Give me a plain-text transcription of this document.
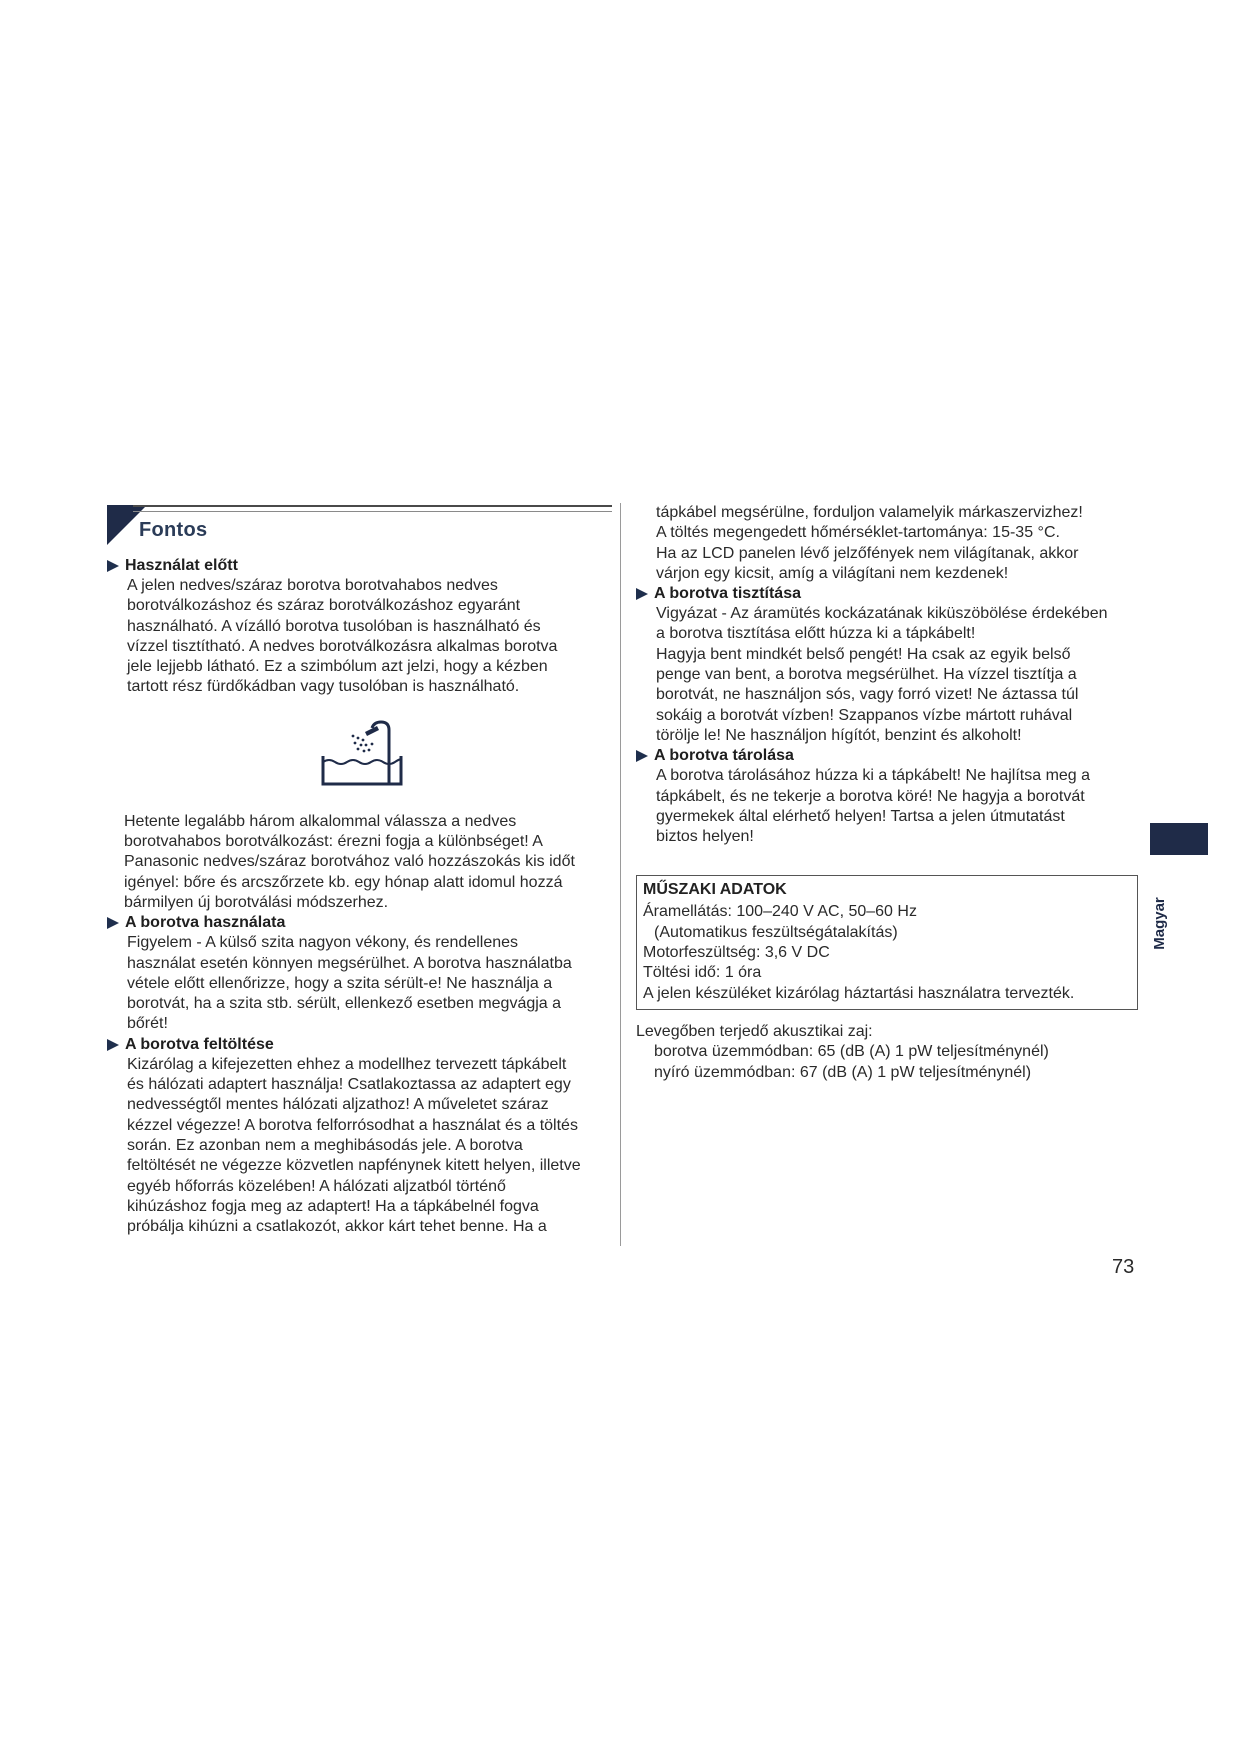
Fontos
Használat előtt

A jelen nedves/száraz borotva borotvahabos nedves

borotválkozáshoz és száraz borotválkozáshoz egyaránt

használható. A vízálló borotva tusolóban is használható és

vízzel tisztítható. A nedves borotválkozásra alkalmas borotva

jele lejjebb látható. Ez a szimbólum azt jelzi, hogy a kézben

tartott rész fürdőkádban vagy tusolóban is használható.

Hetente legalább három alkalommal válassza a nedves

borotvahabos borotválkozást: érezni fogja a különbséget! A

Panasonic nedves/száraz borotvához való hozzászokás kis időt

igényel: bőre és arcszőrzete kb. egy hónap alatt idomul hozzá

bármilyen új borotválási módszerhez.

A borotva használata

Figyelem - A külső szita nagyon vékony, és rendellenes

használat esetén könnyen megsérülhet. A borotva használatba

vétele előtt ellenőrizze, hogy a szita sérült-e! Ne használja a

borotvát, ha a szita stb. sérült, ellenkező esetben megvágja a

bőrét!

A borotva feltöltése

Kizárólag a kifejezetten ehhez a modellhez tervezett tápkábelt

és hálózati adaptert használja! Csatlakoztassa az adaptert egy

nedvességtől mentes hálózati aljzathoz! A műveletet száraz

kézzel végezze! A borotva felforrósodhat a használat és a töltés

során. Ez azonban nem a meghibásodás jele. A borotva

feltöltését ne végezze közvetlen napfénynek kitett helyen, illetve

egyéb hőforrás közelében! A hálózati aljzatból történő

kihúzáshoz fogja meg az adaptert! Ha a tápkábelnél fogva

próbálja kihúzni a csatlakozót, akkor kárt tehet benne. Ha a

tápkábel megsérülne, forduljon valamelyik márkaszervizhez!

A töltés megengedett hőmérséklet-tartománya: 15-35 °C.

Ha az LCD panelen lévő jelzőfények nem világítanak, akkor

várjon egy kicsit, amíg a világítani nem kezdenek!

A borotva tisztítása

Vigyázat - Az áramütés kockázatának kiküszöbölése érdekében

a borotva tisztítása előtt húzza ki a tápkábelt!

Hagyja bent mindkét belső pengét! Ha csak az egyik belső

penge van bent, a borotva megsérülhet. Ha vízzel tisztítja a

borotvát, ne használjon sós, vagy forró vizet! Ne áztassa túl

sokáig a borotvát vízben! Szappanos vízbe mártott ruhával

törölje le! Ne használjon hígítót, benzint és alkoholt!

A borotva tárolása

A borotva tárolásához húzza ki a tápkábelt! Ne hajlítsa meg a

tápkábelt, és ne tekerje a borotva köré! Ne hagyja a borotvát

gyermekek által elérhető helyen! Tartsa a jelen útmutatást

biztos helyen!

MŰSZAKI ADATOK

Áramellátás: 100–240 V AC, 50–60 Hz

(Automatikus feszültségátalakítás)

Motorfeszültség: 3,6 V DC

Töltési idő: 1 óra

A jelen készüléket kizárólag háztartási használatra tervezték.

Levegőben terjedő akusztikai zaj:

borotva üzemmódban: 65 (dB (A) 1 pW teljesítménynél)

nyíró üzemmódban: 67 (dB (A) 1 pW teljesítménynél)

Magyar
73
